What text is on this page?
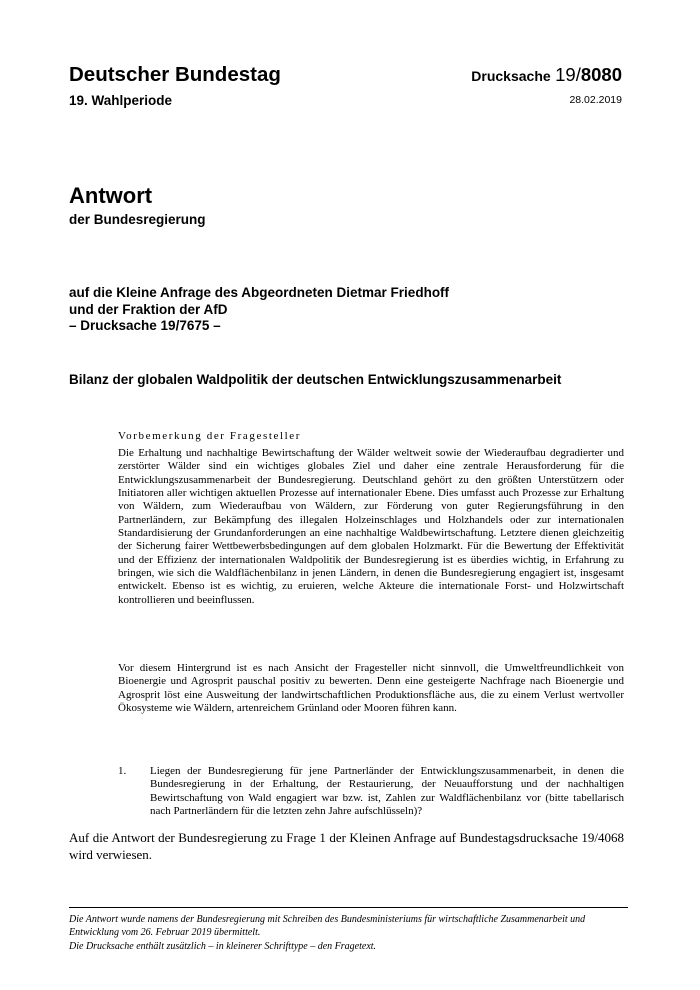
Deutscher Bundestag
19. Wahlperiode
Drucksache 19/8080
28.02.2019
Antwort
der Bundesregierung
auf die Kleine Anfrage des Abgeordneten Dietmar Friedhoff
und der Fraktion der AfD
– Drucksache 19/7675 –
Bilanz der globalen Waldpolitik der deutschen Entwicklungszusammenarbeit
Vorbemerkung der Fragesteller
Die Erhaltung und nachhaltige Bewirtschaftung der Wälder weltweit sowie der Wiederaufbau degradierter und zerstörter Wälder sind ein wichtiges globales Ziel und daher eine zentrale Herausforderung für die Entwicklungszusammenarbeit der Bundesregierung. Deutschland gehört zu den größten Unterstützern oder Initiatoren aller wichtigen aktuellen Prozesse auf internationaler Ebene. Dies umfasst auch Prozesse zur Erhaltung von Wäldern, zum Wiederaufbau von Wäldern, zur Förderung von guter Regierungsführung in den Partnerländern, zur Bekämpfung des illegalen Holzeinschlages und Holzhandels oder zur internationalen Standardisierung der Grundanforderungen an eine nachhaltige Waldbewirtschaftung. Letztere dienen gleichzeitig der Sicherung fairer Wettbewerbsbedingungen auf dem globalen Holzmarkt. Für die Bewertung der Effektivität und der Effizienz der internationalen Waldpolitik der Bundesregierung ist es überdies wichtig, in Erfahrung zu bringen, wie sich die Waldflächenbilanz in jenen Ländern, in denen die Bundesregierung engagiert ist, insgesamt entwickelt. Ebenso ist es wichtig, zu eruieren, welche Akteure die internationale Forst- und Holzwirtschaft kontrollieren und beeinflussen.
Vor diesem Hintergrund ist es nach Ansicht der Fragesteller nicht sinnvoll, die Umweltfreundlichkeit von Bioenergie und Agrosprit pauschal positiv zu bewerten. Denn eine gesteigerte Nachfrage nach Bioenergie und Agrosprit löst eine Ausweitung der landwirtschaftlichen Produktionsfläche aus, die zu einem Verlust wertvoller Ökosysteme wie Wäldern, artenreichem Grünland oder Mooren führen kann.
1.	Liegen der Bundesregierung für jene Partnerländer der Entwicklungszusammenarbeit, in denen die Bundesregierung in der Erhaltung, der Restaurierung, der Neuaufforstung und der nachhaltigen Bewirtschaftung von Wald engagiert war bzw. ist, Zahlen zur Waldflächenbilanz vor (bitte tabellarisch nach Partnerländern für die letzten zehn Jahre aufschlüsseln)?
Auf die Antwort der Bundesregierung zu Frage 1 der Kleinen Anfrage auf Bundestagsdrucksache 19/4068 wird verwiesen.

Die Antwort wurde namens der Bundesregierung mit Schreiben des Bundesministeriums für wirtschaftliche Zusammenarbeit und Entwicklung vom 26. Februar 2019 übermittelt.

Die Drucksache enthält zusätzlich – in kleinerer Schrifttype – den Fragetext.
